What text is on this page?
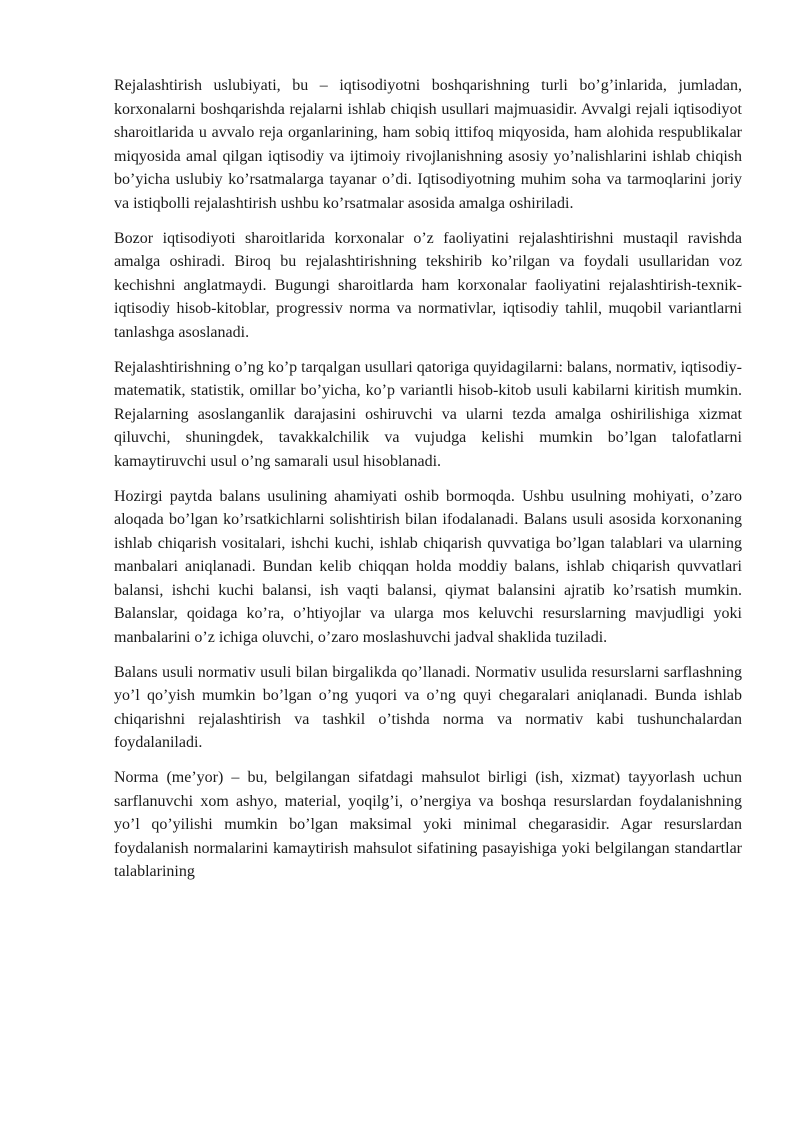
Rejalashtirish uslubiyati, bu – iqtisodiyotni boshqarishning turli bo’g’inlarida, jumladan, korxonalarni boshqarishda rejalarni ishlab chiqish usullari majmuasidir. Avvalgi rejali iqtisodiyot sharoitlarida u avvalo reja organlarining, ham sobiq ittifoq miqyosida, ham alohida respublikalar miqyosida amal qilgan iqtisodiy va ijtimoiy rivojlanishning asosiy yo’nalishlarini ishlab chiqish bo’yicha uslubiy ko’rsatmalarga tayanar o’di. Iqtisodiyotning muhim soha va tarmoqlarini joriy va istiqbolli rejalashtirish ushbu ko’rsatmalar asosida amalga oshiriladi.

Bozor iqtisodiyoti sharoitlarida korxonalar o’z faoliyatini rejalashtirishni mustaqil ravishda amalga oshiradi. Biroq bu rejalashtirishning tekshirib ko’rilgan va foydali usullaridan voz kechishni anglatmaydi. Bugungi sharoitlarda ham korxonalar faoliyatini rejalashtirish-texnik-iqtisodiy hisob-kitoblar, progressiv norma va normativlar, iqtisodiy tahlil, muqobil variantlarni tanlashga asoslanadi.

Rejalashtirishning o’ng ko’p tarqalgan usullari qatoriga quyidagilarni: balans, normativ, iqtisodiy-matematik, statistik, omillar bo’yicha, ko’p variantli hisob-kitob usuli kabilarni kiritish mumkin. Rejalarning asoslanganlik darajasini oshiruvchi va ularni tezda amalga oshirilishiga xizmat qiluvchi, shuningdek, tavakkalchilik va vujudga kelishi mumkin bo’lgan talofatlarni kamaytiruvchi usul o’ng samarali usul hisoblanadi.

Hozirgi paytda balans usulining ahamiyati oshib bormoqda. Ushbu usulning mohiyati, o’zaro aloqada bo’lgan ko’rsatkichlarni solishtirish bilan ifodalanadi. Balans usuli asosida korxonaning ishlab chiqarish vositalari, ishchi kuchi, ishlab chiqarish quvvatiga bo’lgan talablari va ularning manbalari aniqlanadi. Bundan kelib chiqqan holda moddiy balans, ishlab chiqarish quvvatlari balansi, ishchi kuchi balansi, ish vaqti balansi, qiymat balansini ajratib ko’rsatish mumkin. Balanslar, qoidaga ko’ra, o’htiyojlar va ularga mos keluvchi resurslarning mavjudligi yoki manbalarini o’z ichiga oluvchi, o’zaro moslashuvchi jadval shaklida tuziladi.

Balans usuli normativ usuli bilan birgalikda qo’llanadi. Normativ usulida resurslarni sarflashning yo’l qo’yish mumkin bo’lgan o’ng yuqori va o’ng quyi chegaralari aniqlanadi. Bunda ishlab chiqarishni rejalashtirish va tashkil o’tishda norma va normativ kabi tushunchalardan foydalaniladi.

Norma (me’yor) – bu, belgilangan sifatdagi mahsulot birligi (ish, xizmat) tayyorlash uchun sarflanuvchi xom ashyo, material, yoqilg’i, o’nergiya va boshqa resurslardan foydalanishning yo’l qo’yilishi mumkin bo’lgan maksimal yoki minimal chegarasidir. Agar resurslardan foydalanish normalarini kamaytirish mahsulot sifatining pasayishiga yoki belgilangan standartlar talablarining
